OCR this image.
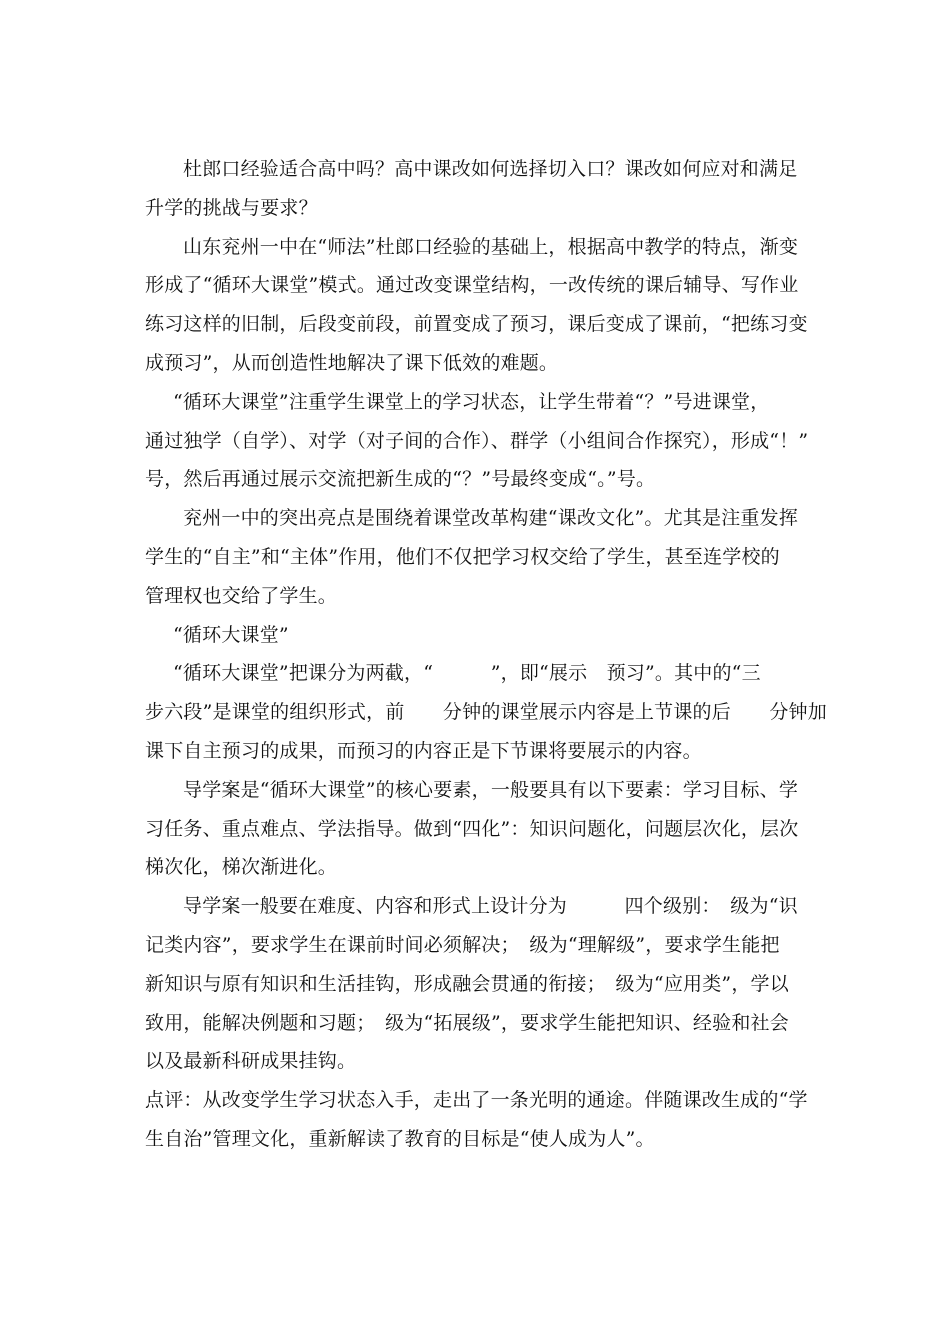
杜郎口经验适合高中吗？高中课改如何选择切入口？课改如何应对和满足
升学的挑战与要求？
山东兖州一中在“师法”杜郎口经验的基础上，根据高中教学的特点，渐变
形成了“循环大课堂”模式。通过改变课堂结构，一改传统的课后辅导、写作业
练习这样的旧制，后段变前段，前置变成了预习，课后变成了课前，“把练习变
成预习”，从而创造性地解决了课下低效的难题。
“循环大课堂”注重学生课堂上的学习状态，让学生带着“？”号进课堂，
通过独学（自学）、对学（对子间的合作）、群学（小组间合作探究），形成“！”
号，然后再通过展示交流把新生成的“？”号最终变成“。”号。
兖州一中的突出亮点是围绕着课堂改革构建“课改文化”。尤其是注重发挥
学生的“自主”和“主体”作用，他们不仅把学习权交给了学生，甚至连学校的
管理权也交给了学生。
“循环大课堂”
“循环大课堂”把课分为两截，“　　　”，即“展示　预习”。其中的“三
步六段”是课堂的组织形式，前　　分钟的课堂展示内容是上节课的后　　分钟加
课下自主预习的成果，而预习的内容正是下节课将要展示的内容。
导学案是“循环大课堂”的核心要素，一般要具有以下要素：学习目标、学
习任务、重点难点、学法指导。做到“四化”：知识问题化，问题层次化，层次
梯次化，梯次渐进化。
导学案一般要在难度、内容和形式上设计分为　　　四个级别：　级为“识
记类内容”，要求学生在课前时间必须解决；　级为“理解级”，要求学生能把
新知识与原有知识和生活挂钩，形成融会贯通的衔接；　级为“应用类”，学以
致用，能解决例题和习题；　级为“拓展级”，要求学生能把知识、经验和社会
以及最新科研成果挂钩。
点评：从改变学生学习状态入手，走出了一条光明的通途。伴随课改生成的“学
生自治”管理文化，重新解读了教育的目标是“使人成为人”。
